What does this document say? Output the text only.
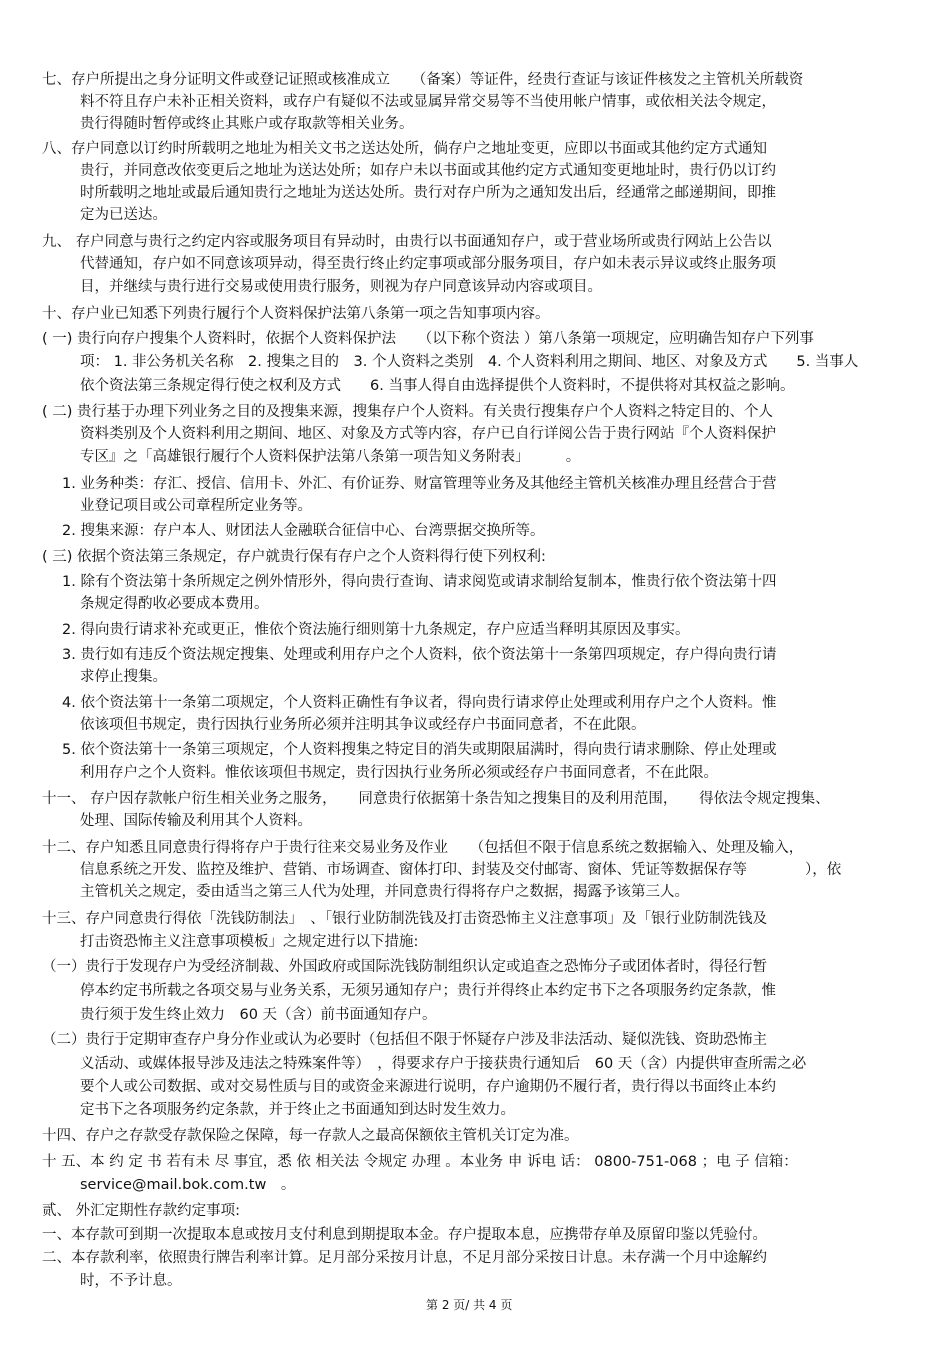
七、存户所提出之身分证明文件或登记证照或核准成立　　（备案）等证件，经贵行查证与该证件核发之主管机关所载资
料不符且存户未补正相关资料，或存户有疑似不法或显属异常交易等不当使用帐户情事，或依相关法令规定，
贵行得随时暂停或终止其账户或存取款等相关业务。
八、存户同意以订约时所载明之地址为相关文书之送达处所，倘存户之地址变更，应即以书面或其他约定方式通知
贵行，并同意改依变更后之地址为送达处所；如存户未以书面或其他约定方式通知变更地址时，贵行仍以订约
时所载明之地址或最后通知贵行之地址为送达处所。贵行对存户所为之通知发出后，经通常之邮递期间，即推
定为已送达。
九、 存户同意与贵行之约定内容或服务项目有异动时，由贵行以书面通知存户，或于营业场所或贵行网站上公告以
代替通知，存户如不同意该项异动，得至贵行终止约定事项或部分服务项目，存户如未表示异议或终止服务项
目，并继续与贵行进行交易或使用贵行服务，则视为存户同意该异动内容或项目。
十、存户业已知悉下列贵行履行个人资料保护法第八条第一项之告知事项内容。
( 一) 贵行向存户搜集个人资料时，依据个人资料保护法　　（以下称个资法 ）第八条第一项规定，应明确告知存户下列事
项： 1. 非公务机关名称　2. 搜集之目的　3. 个人资料之类别　4. 个人资料利用之期间、地区、对象及方式　　5. 当事人
依个资法第三条规定得行使之权利及方式　　6. 当事人得自由选择提供个人资料时，不提供将对其权益之影响。
( 二) 贵行基于办理下列业务之目的及搜集来源，搜集存户个人资料。有关贵行搜集存户个人资料之特定目的、个人
资料类别及个人资料利用之期间、地区、对象及方式等内容，存户已自行详阅公告于贵行网站『个人资料保护
专区』之「高雄银行履行个人资料保护法第八条第一项告知义务附表」　　　。
1. 业务种类：存汇、授信、信用卡、外汇、有价证券、财富管理等业务及其他经主管机关核准办理且经营合于营
业登记项目或公司章程所定业务等。
2. 搜集来源：存户本人、财团法人金融联合征信中心、台湾票据交换所等。
( 三) 依据个资法第三条规定，存户就贵行保有存户之个人资料得行使下列权利:
1. 除有个资法第十条所规定之例外情形外，得向贵行查询、请求阅览或请求制给复制本，惟贵行依个资法第十四
条规定得酌收必要成本费用。
2. 得向贵行请求补充或更正，惟依个资法施行细则第十九条规定，存户应适当释明其原因及事实。
3. 贵行如有违反个资法规定搜集、处理或利用存户之个人资料，依个资法第十一条第四项规定，存户得向贵行请
求停止搜集。
4. 依个资法第十一条第二项规定，个人资料正确性有争议者，得向贵行请求停止处理或利用存户之个人资料。惟
依该项但书规定，贵行因执行业务所必须并注明其争议或经存户书面同意者，不在此限。
5. 依个资法第十一条第三项规定，个人资料搜集之特定目的消失或期限届满时，得向贵行请求删除、停止处理或
利用存户之个人资料。惟依该项但书规定，贵行因执行业务所必须或经存户书面同意者，不在此限。
十一、 存户因存款帐户衍生相关业务之服务，　　同意贵行依据第十条告知之搜集目的及利用范围，　　得依法令规定搜集、
处理、国际传输及利用其个人资料。
十二、存户知悉且同意贵行得将存户于贵行往来交易业务及作业　　（包括但不限于信息系统之数据输入、处理及输入，
信息系统之开发、监控及维护、营销、市场调查、窗体打印、封装及交付邮寄、窗体、凭证等数据保存等　　　　），依
主管机关之规定，委由适当之第三人代为处理，并同意贵行得将存户之数据，揭露予该第三人。
十三、存户同意贵行得依「洗钱防制法」　、「银行业防制洗钱及打击资恐怖主义注意事项」及「银行业防制洗钱及
打击资恐怖主义注意事项模板」之规定进行以下措施:
（一）贵行于发现存户为受经济制裁、外国政府或国际洗钱防制组织认定或追查之恐怖分子或团体者时，得径行暂
停本约定书所载之各项交易与业务关系，无须另通知存户；贵行并得终止本约定书下之各项服务约定条款，惟
贵行须于发生终止效力　60 天（含）前书面通知存户。
（二）贵行于定期审查存户身分作业或认为必要时（包括但不限于怀疑存户涉及非法活动、疑似洗钱、资助恐怖主
义活动、或媒体报导涉及违法之特殊案件等）　，得要求存户于接获贵行通知后　60 天（含）内提供审查所需之必
要个人或公司数据、或对交易性质与目的或资金来源进行说明，存户逾期仍不履行者，贵行得以书面终止本约
定书下之各项服务约定条款，并于终止之书面通知到达时发生效力。
十四、存户之存款受存款保险之保障，每一存款人之最高保额依主管机关订定为准。
十 五、本 约 定 书 若有未 尽 事宜，悉 依 相关法 令规定 办理 。本业务 申 诉电 话： 0800-751-068 ；电 子 信箱：
service@mail.bok.com.tw　。
贰、 外汇定期性存款约定事项:
一、本存款可到期一次提取本息或按月支付利息到期提取本金。存户提取本息，应携带存单及原留印鉴以凭验付。
二、本存款利率，依照贵行牌告利率计算。足月部分采按月计息，不足月部分采按日计息。未存满一个月中途解约
时，不予计息。
第 2 页/ 共 4 页
